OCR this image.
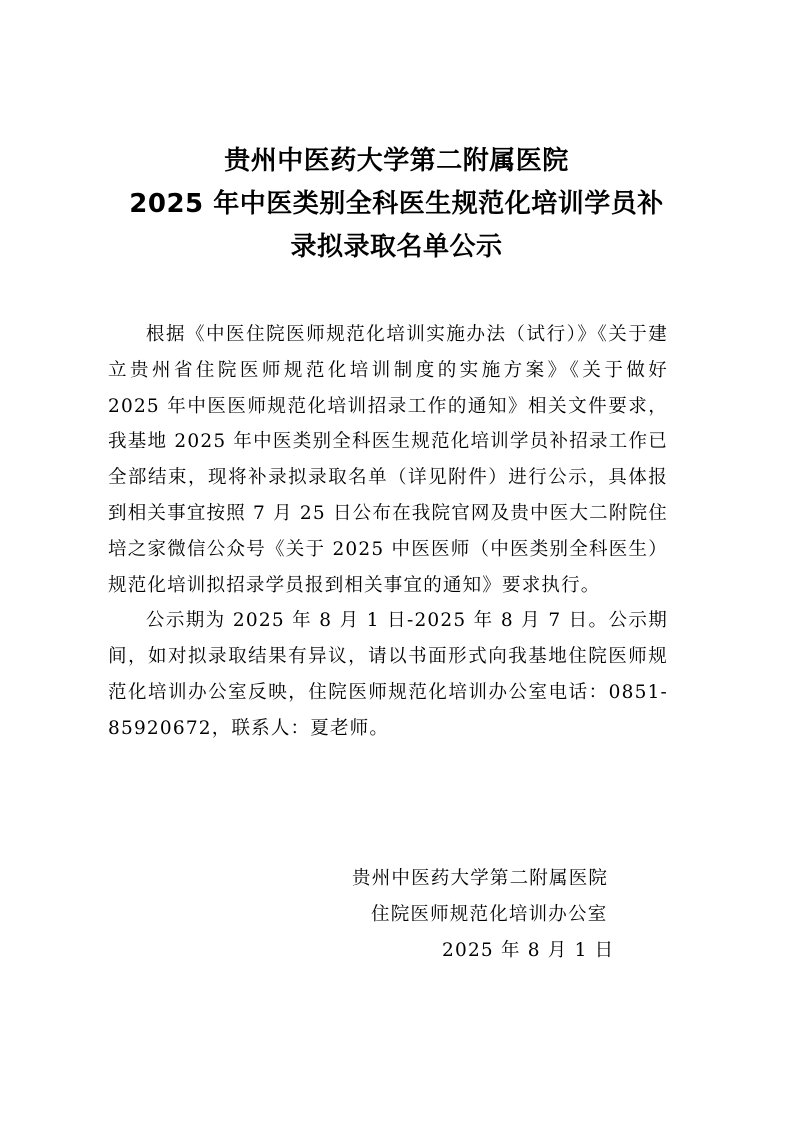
贵州中医药大学第二附属医院
2025 年中医类别全科医生规范化培训学员补
录拟录取名单公示

根据《中医住院医师规范化培训实施办法（试行）》《关于建立贵州省住院医师规范化培训制度的实施方案》《关于做好 2025 年中医医师规范化培训招录工作的通知》相关文件要求，我基地 2025 年中医类别全科医生规范化培训学员补招录工作已全部结束，现将补录拟录取名单（详见附件）进行公示，具体报到相关事宜按照 7 月 25 日公布在我院官网及贵中医大二附院住培之家微信公众号《关于 2025 中医医师（中医类别全科医生）规范化培训拟招录学员报到相关事宜的通知》要求执行。

公示期为 2025 年 8 月 1 日-2025 年 8 月 7 日。公示期间，如对拟录取结果有异议，请以书面形式向我基地住院医师规范化培训办公室反映，住院医师规范化培训办公室电话：0851-85920672，联系人：夏老师。

贵州中医药大学第二附属医院
住院医师规范化培训办公室
2025 年 8 月 1 日
